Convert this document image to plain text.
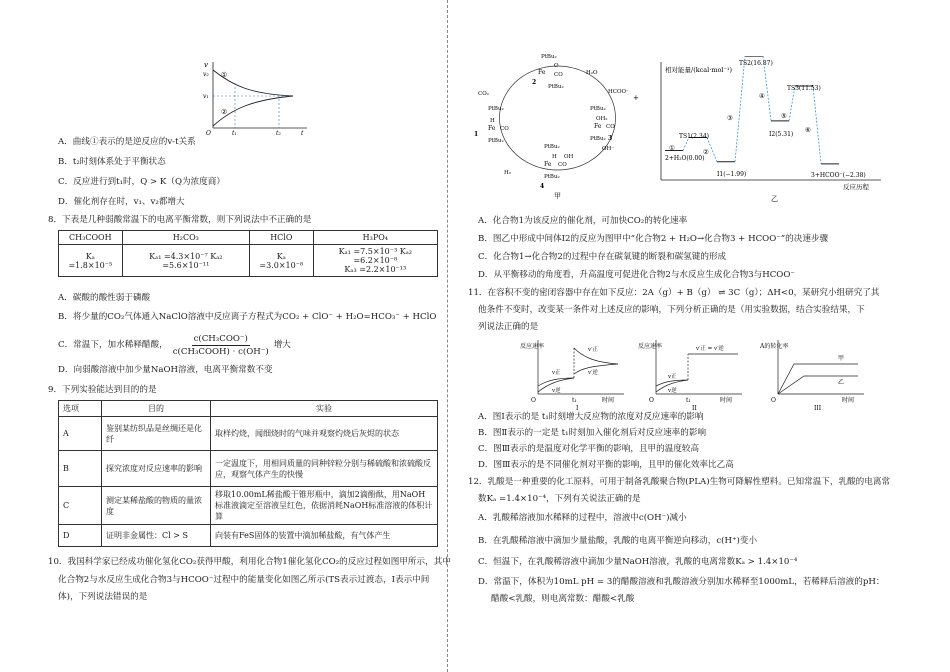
v
v₁
v₂
O	t₁	t₂	t
①
②
A．曲线①表示的是逆反应的v-t关系
B．t₂时刻体系处于平衡状态
C．反应进行到t₁时，Q > K（Q为浓度商）
D．催化剂存在时，v₁、v₂都增大
8．下表是几种弱酸常温下的电离平衡常数，则下列说法中不正确的是
CH₃COOH	H₂CO₃	HClO	H₃PO₄
Kₐ =1.8×10⁻⁵	Kₐ₁ =4.3×10⁻⁷ Kₐ₂ =5.6×10⁻¹¹	Kₐ =3.0×10⁻⁸	Kₐ₁ =7.5×10⁻³ Kₐ₂ =6.2×10⁻⁸
Kₐ₃ =2.2×10⁻¹³
A．碳酸的酸性弱于磷酸
B．将少量的CO₂气体通入NaClO溶液中反应离子方程式为CO₂ + ClO⁻ + H₂O=HCO₃⁻ + HClO
C．常温下，加水稀释醋酸，
c(CH₃COO⁻)
c(CH₃COOH) · c(OH⁻)
增大
D．向弱酸溶液中加少量NaOH溶液，电离平衡常数不变
9．下列实验能达到目的的是
选项	目的	实验
A	鉴别某纺织品是丝绸还是化纤	取样灼烧，闻细烧时的气味并观察灼烧后灰烬的状态
B	探究浓度对反应速率的影响	一定温度下，用相同质量的同种锌粒分别与稀硫酸和浓硫酸反应，观察气体产生的快慢
C	测定某稀盐酸的物质的量浓度	移取10.00mL稀盐酸于锥形瓶中，滴加2滴酚酞，用NaOH标准液滴定至溶液呈红色，依据消耗NaOH标准溶液的体积计算
D	证明非金属性：Cl > S	向装有FeS固体的装置中滴加稀盐酸，有气体产生
10．我国科学家已经成功催化氢化CO₂获得甲酸，利用化合物1催化氢化CO₂的反应过程如图甲所示，其中
化合物2与水反应生成化合物3与HCOO⁻过程中的能量变化如图乙所示(TS表示过渡态，I表示中间
体)，下列说法错误的是
PtBu₂
Fe
O
CO
PtBu₂
2
CO₂
H₂O
HCOO⁻
PtBu₂
H
Fe CO
PtBu₂
1
PtBu₂
OH₂
Fe CO
PtBu₂ 3
+
OH⁻
PtBu₂
H OH
Fe CO
PtBu₂
4
H₂
甲
相对能量/(kcal·mol⁻¹)
反应历程
2+H₂O(0.00)
TS1(2.34)
I1(−1.99)
TS2(16.87)
I2(5.31)
TS3(11.53)
3+HCOO⁻(−2.38)
①	②
③
④
⑤
⑥
乙
A．化合物1为该反应的催化剂，可加快CO₂的转化速率
B．图乙中形成中间体I2的反应为图甲中“化合物2 + H₂O→化合物3 + HCOO⁻”的决速步骤
C．化合物1→化合物2的过程中存在碳氧键的断裂和碳氢键的形成
D．从平衡移动的角度看，升高温度可促进化合物2与水反应生成化合物3与HCOO⁻
11．在容积不变的密闭容器中存在如下反应：2A（g）+ B（g） ⇌ 3C（g）；ΔH<0，某研究小组研究了其
他条件不变时，改变某一条件对上述反应的影响，下列分析正确的是（用实验数据，结合实验结果，下
列说法正确的是
反应速率
O	t₁	时间
v′正
v′逆
v正
v逆
I
反应速率
O	t₁	时间
v′正 = v′逆
v正
v逆
II
A的转化率
O	时间
甲
乙
III
A．图Ⅰ表示的是 t₁时刻增大反应物的浓度对反应速率的影响
B．图Ⅱ表示的一定是 t₁时刻加入催化剂后对反应速率的影响
C．图Ⅲ表示的是温度对化学平衡的影响，且甲的温度较高
D．图Ⅲ表示的是不同催化剂对平衡的影响，且甲的催化效率比乙高
12．乳酸是一种重要的化工原料，可用于制备乳酸聚合物(PLA)生物可降解性塑料。已知常温下，乳酸的电离常
数Kₐ =1.4×10⁻⁴，下列有关说法正确的是
A．乳酸稀溶液加水稀释的过程中，溶液中c(OH⁻)减小
B．在乳酸稀溶液中滴加少量盐酸，乳酸的电离平衡逆向移动，c(H⁺)变小
C．恒温下，在乳酸稀溶液中滴加少量NaOH溶液，乳酸的电离常数Kₐ > 1.4×10⁻⁴
D．常温下，体积为10mL pH = 3的醋酸溶液和乳酸溶液分别加水稀释至1000mL，若稀释后溶液的pH：
醋酸<乳酸，则电离常数：醋酸<乳酸
